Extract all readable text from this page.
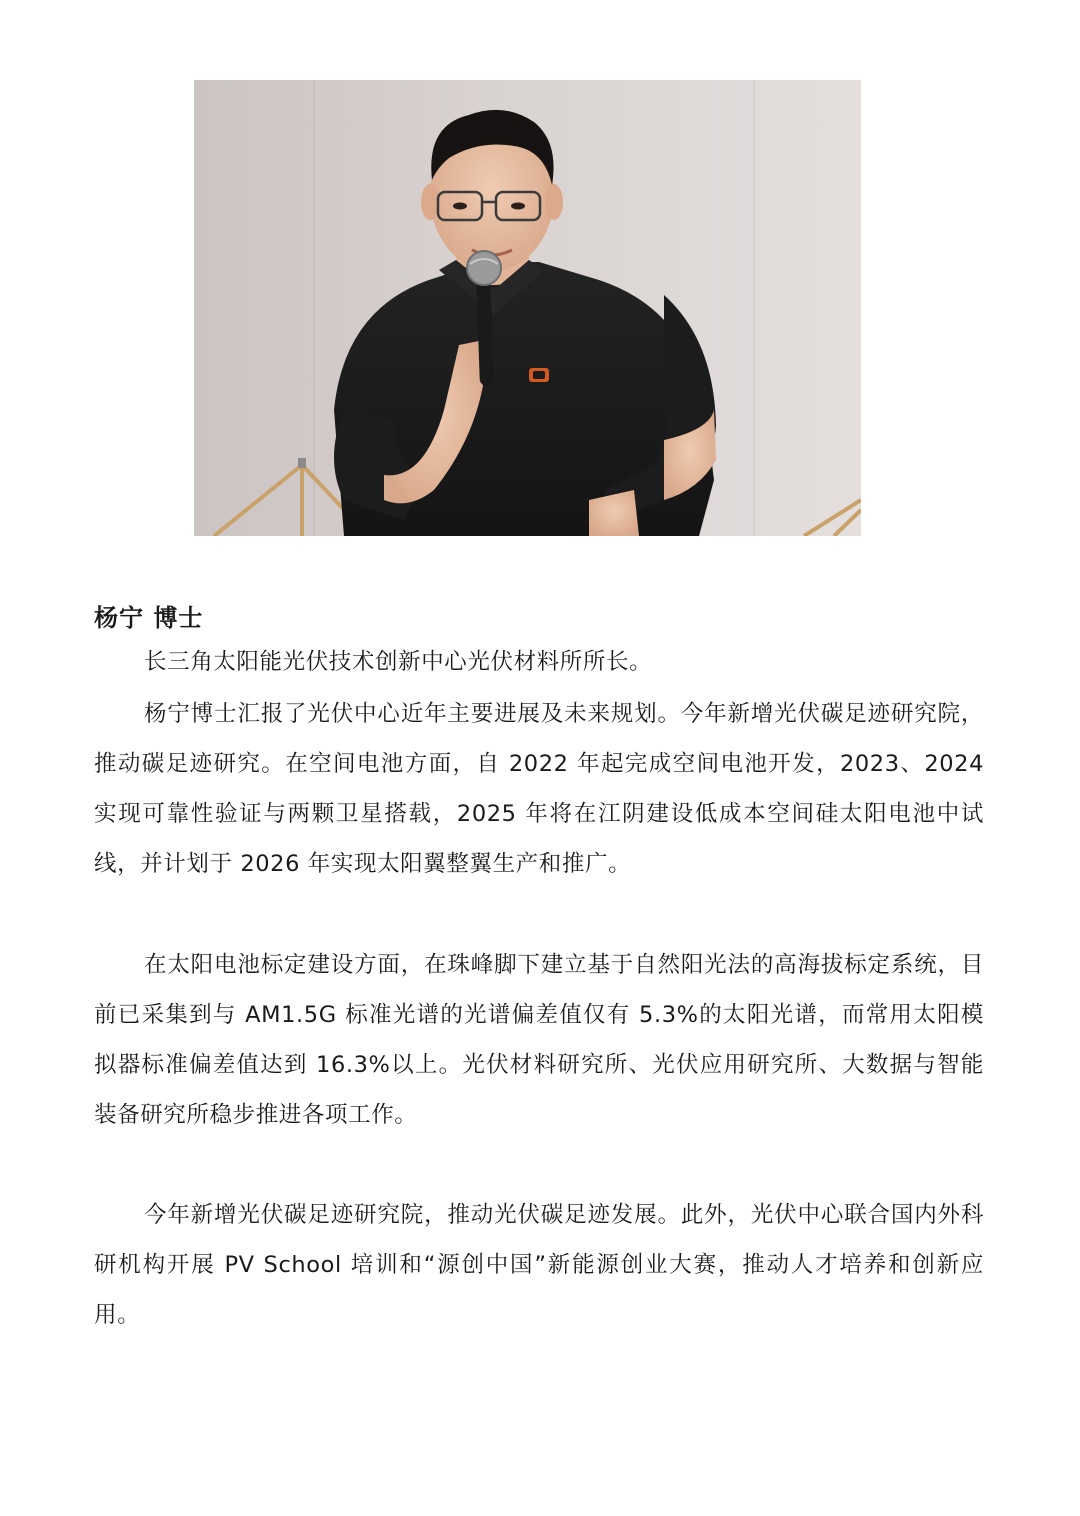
杨宁 博士

长三角太阳能光伏技术创新中心光伏材料所所长。

杨宁博士汇报了光伏中心近年主要进展及未来规划。今年新增光伏碳足迹研究院，推动碳足迹研究。在空间电池方面，自 2022 年起完成空间电池开发，2023、2024 实现可靠性验证与两颗卫星搭载，2025 年将在江阴建设低成本空间硅太阳电池中试线，并计划于 2026 年实现太阳翼整翼生产和推广。

在太阳电池标定建设方面，在珠峰脚下建立基于自然阳光法的高海拔标定系统，目前已采集到与 AM1.5G 标准光谱的光谱偏差值仅有 5.3%的太阳光谱，而常用太阳模拟器标准偏差值达到 16.3%以上。光伏材料研究所、光伏应用研究所、大数据与智能装备研究所稳步推进各项工作。

今年新增光伏碳足迹研究院，推动光伏碳足迹发展。此外，光伏中心联合国内外科研机构开展 PV School 培训和“源创中国”新能源创业大赛，推动人才培养和创新应用。
